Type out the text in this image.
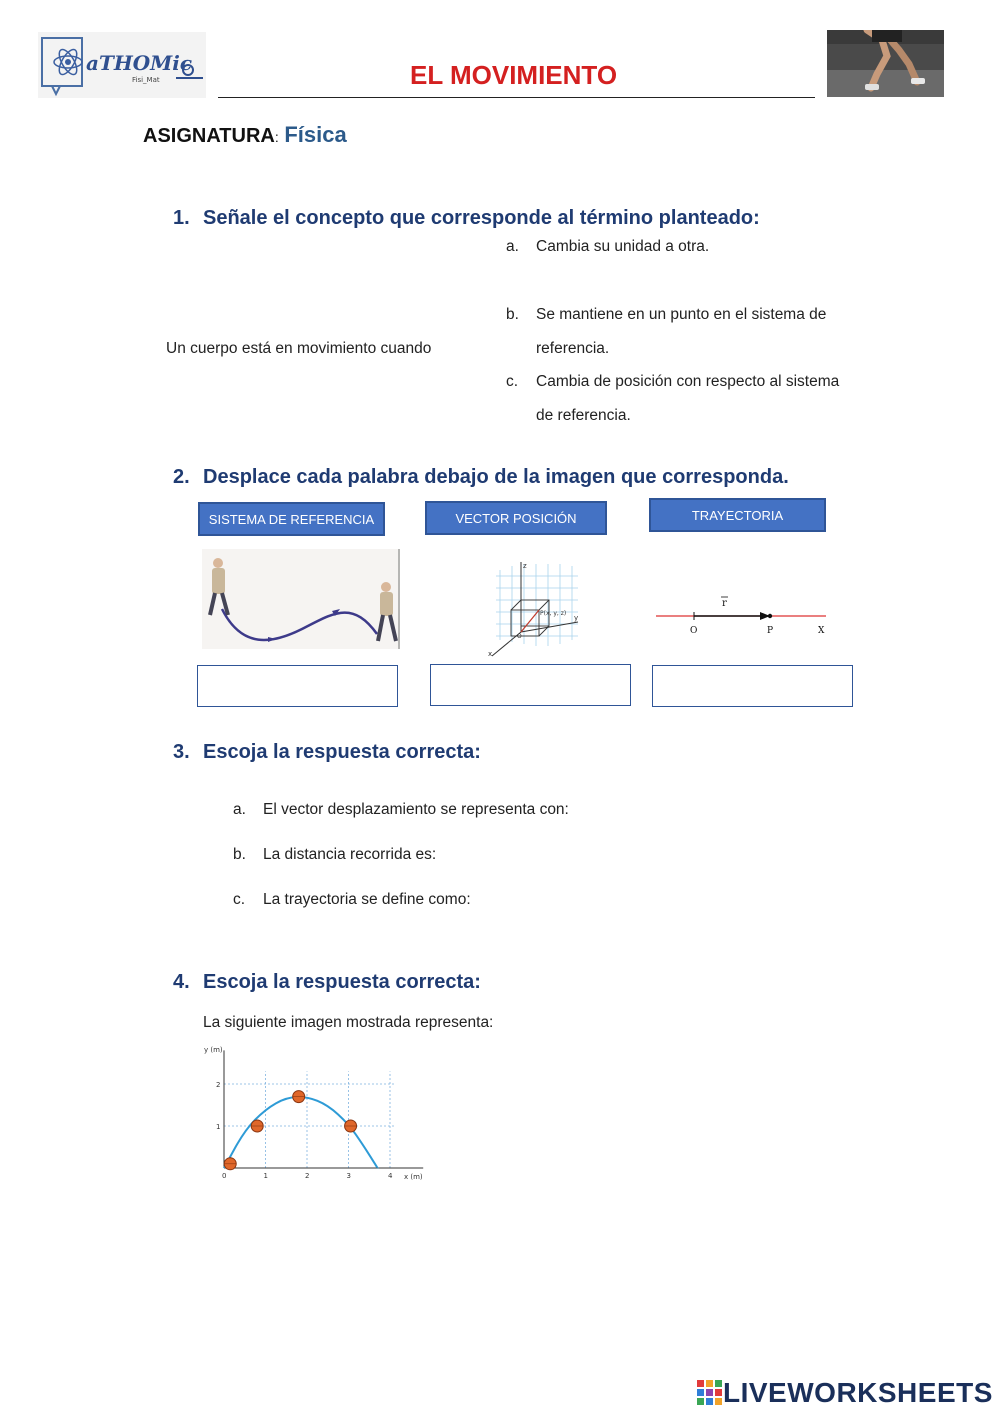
aTHOMic
Fisi_Mat	EL MOVIMIENTO
ASIGNATURA: Física
1. Señale el concepto que corresponde al término planteado:
a. Cambia su unidad a otra.
b. Se mantiene en un punto en el sistema de
referencia.
Un cuerpo está en movimiento cuando
c. Cambia de posición con respecto al sistema
de referencia.
2. Desplace cada palabra debajo de la imagen que corresponda.
SISTEMA DE REFERENCIA	VECTOR POSICIÓN	TRAYECTORIA
z
y
x
P(x, y, z)
O
r
O	P	X
3. Escoja la respuesta correcta:
a. El vector desplazamiento se representa con:
b. La distancia recorrida es:
c. La trayectoria se define como:
4. Escoja la respuesta correcta:
La siguiente imagen mostrada representa:
0	1	2	3	4
1
2
y (m)
x (m)
LIVEWORKSHEETS
